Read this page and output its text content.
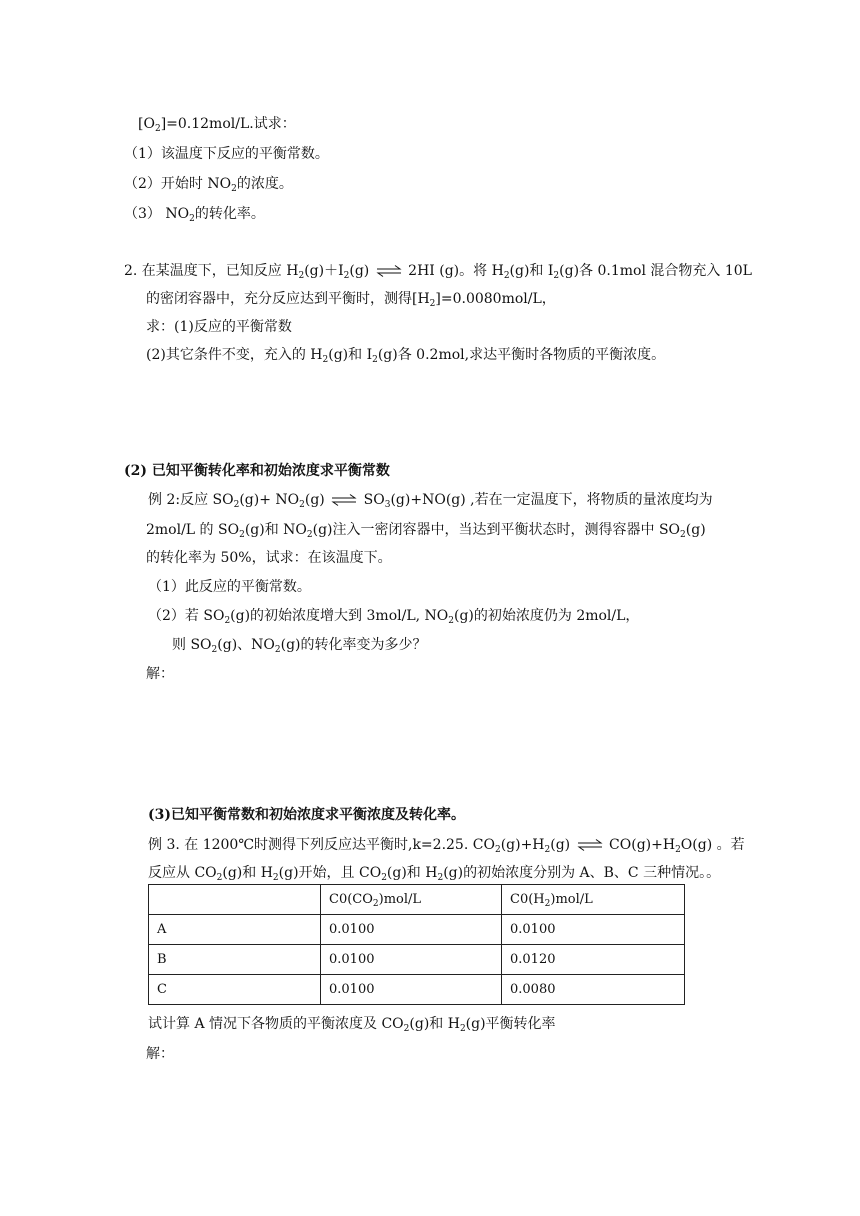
$[O_2]=0.12mol/L$.试求：
（1）该温度下反应的平衡常数。
（2）开始时 $NO_2$的浓度。
（3） $NO_2$的转化率。
2. 在某温度下，已知反应 $H_2(g)+I_2(g)$ ⇌ 2HI (g)。将 $H_2(g)$和 $I_2(g)$各 0.1mol 混合物充入 10L
的密闭容器中，充分反应达到平衡时，测得$[H_2]=0.0080mol/L$，
求：(1)反应的平衡常数
(2)其它条件不变，充入的 $H_2(g)$和 $I_2(g)$各 0.2mol,求达平衡时各物质的平衡浓度。
(2) 已知平衡转化率和初始浓度求平衡常数
例 2:反应 $SO_2(g)+ NO_2(g)$ ⇌ $SO_3(g)+NO(g)$ ,若在一定温度下，将物质的量浓度均为
2mol/L 的 $SO_2(g)$和 $NO_2(g)$注入一密闭容器中，当达到平衡状态时，测得容器中 $SO_2(g)$
的转化率为 50%，试求：在该温度下。
（1）此反应的平衡常数。
（2）若 $SO_2(g)$的初始浓度增大到 3mol/L, $NO_2(g)$的初始浓度仍为 2mol/L，
则 $SO_2(g)$、$NO_2(g)$的转化率变为多少？
解：
(3)已知平衡常数和初始浓度求平衡浓度及转化率。
例 3. 在 1200℃时测得下列反应达平衡时,k=2.25. $CO_2(g)+H_2(g)$ ⇌ $CO(g)+H_2O(g)$ 。若
反应从 $CO_2(g)$和 $H_2(g)$开始，且 $CO_2(g)$和 $H_2(g)$的初始浓度分别为 A、B、C 三种情况。。
	$C0(CO_2)mol/L$	$C0(H_2)mol/L$
A	0.0100	0.0100
B	0.0100	0.0120
C	0.0100	0.0080
试计算 A 情况下各物质的平衡浓度及 $CO_2(g)$和 $H_2(g)$平衡转化率
解：
